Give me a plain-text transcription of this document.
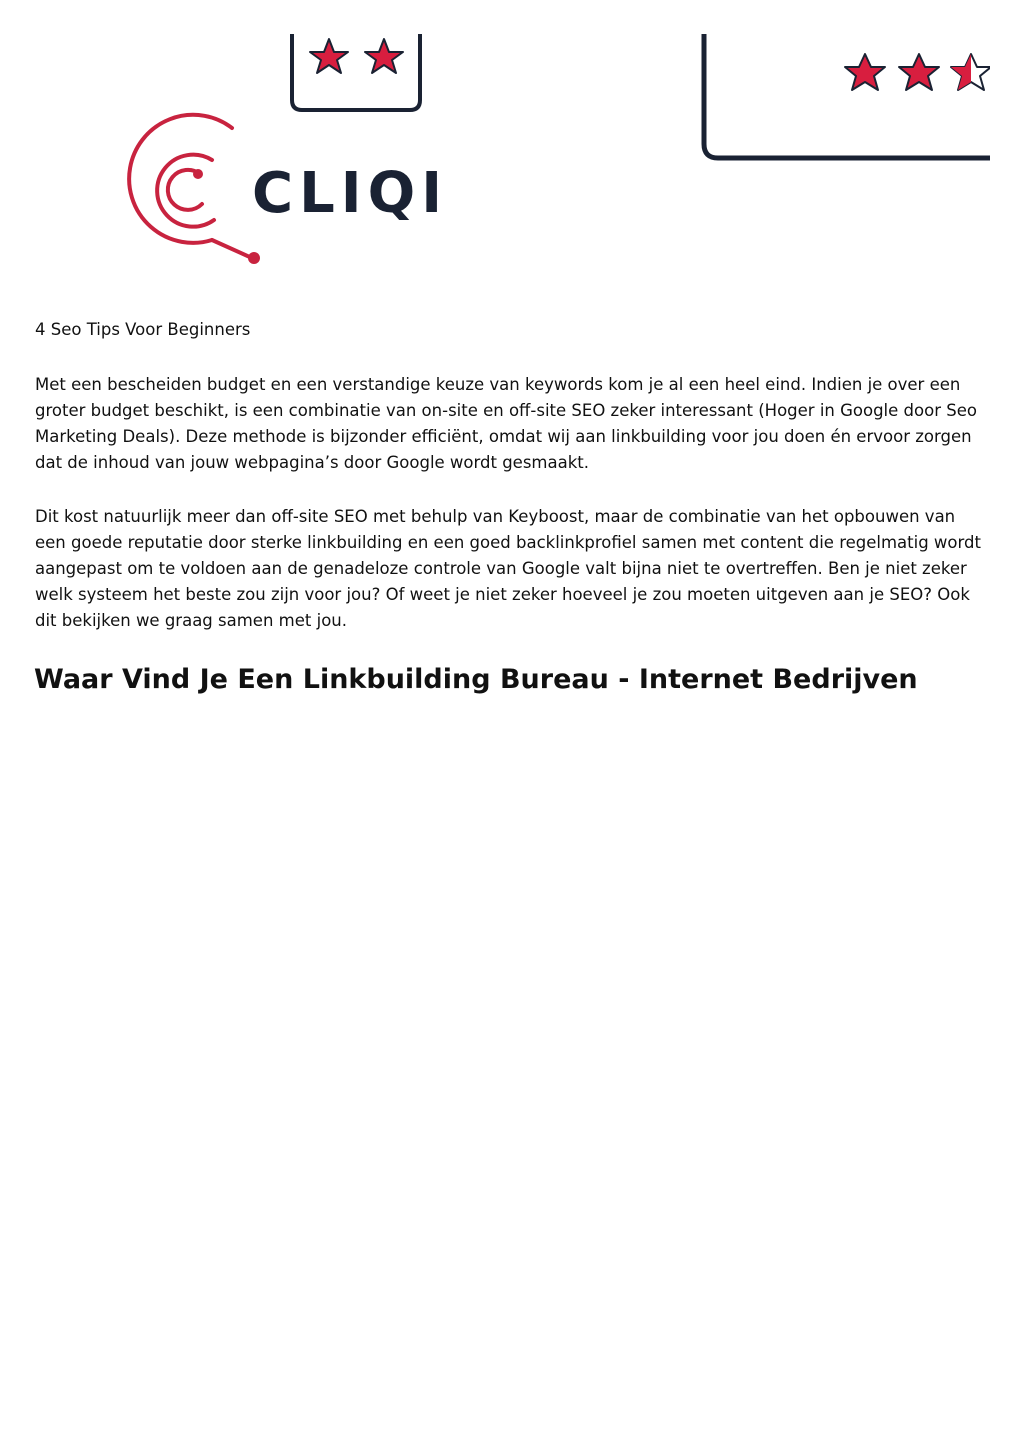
CLIQI

4 Seo Tips Voor Beginners

Met een bescheiden budget en een verstandige keuze van keywords kom je al een heel eind. Indien je over een groter budget beschikt, is een combinatie van on-site en off-site SEO zeker interessant (Hoger in Google door Seo Marketing Deals). Deze methode is bijzonder efficiënt, omdat wij aan linkbuilding voor jou doen én ervoor zorgen dat de inhoud van jouw webpagina’s door Google wordt gesmaakt.

Dit kost natuurlijk meer dan off-site SEO met behulp van Keyboost, maar de combinatie van het opbouwen van een goede reputatie door sterke linkbuilding en een goed backlinkprofiel samen met content die regelmatig wordt aangepast om te voldoen aan de genadeloze controle van Google valt bijna niet te overtreffen. Ben je niet zeker welk systeem het beste zou zijn voor jou? Of weet je niet zeker hoeveel je zou moeten uitgeven aan je SEO? Ook dit bekijken we graag samen met jou.

Waar Vind Je Een Linkbuilding Bureau - Internet Bedrijven
